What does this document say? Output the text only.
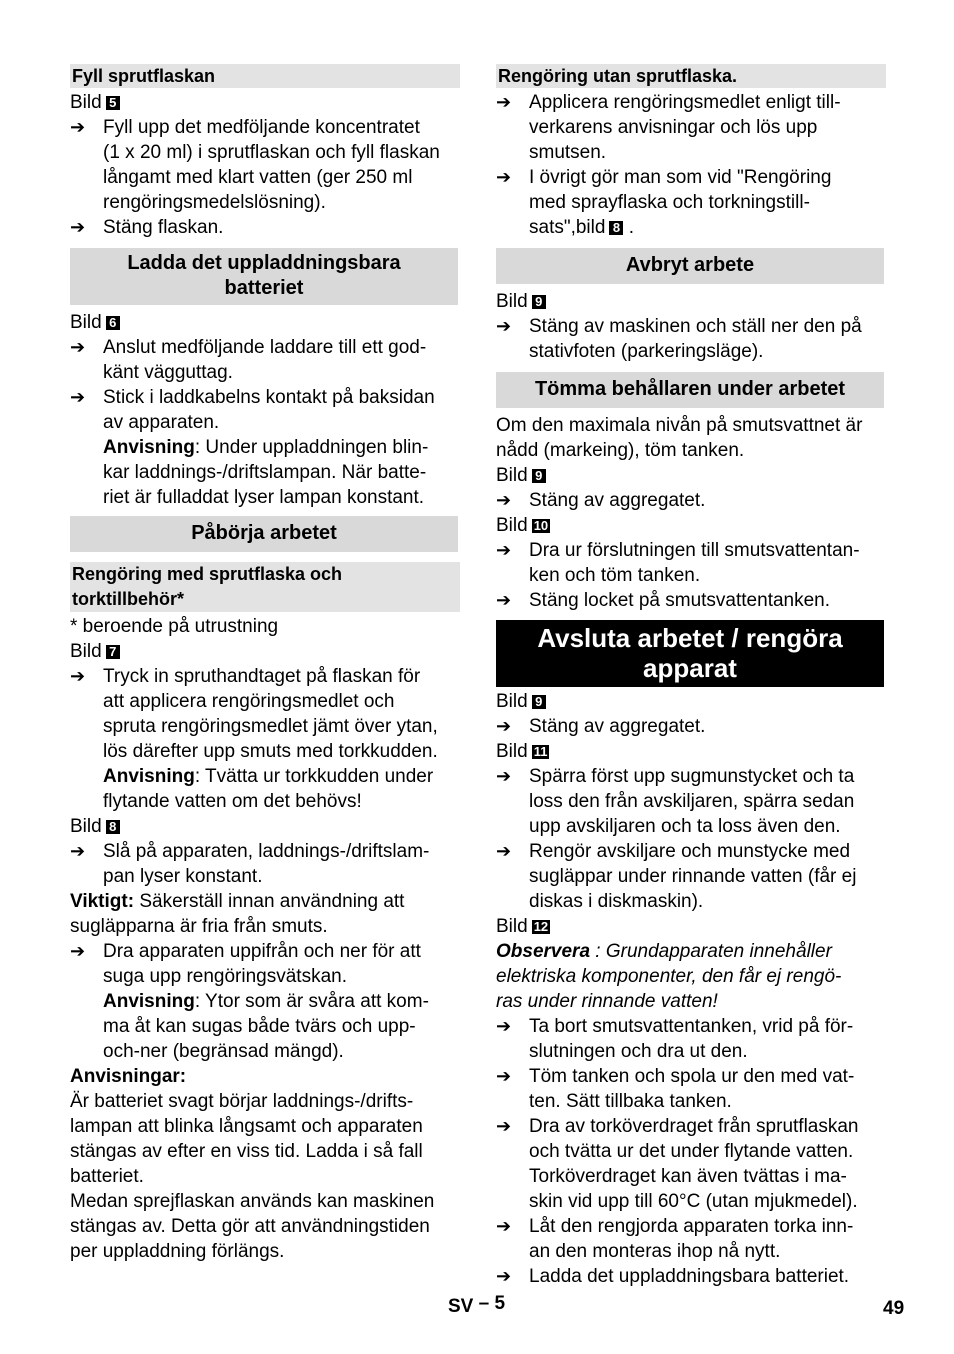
Fyll sprutflaskan
Bild 5
➔ Fyll upp det medföljande koncentratet
(1 x 20 ml) i sprutflaskan och fyll flaskan
långamt med klart vatten (ger 250 ml
rengöringsmedelslösning).
➔ Stäng flaskan.
Ladda det uppladdningsbara
batteriet
Bild 6
➔ Anslut medföljande laddare till ett god-
känt vägguttag.
➔ Stick i laddkabelns kontakt på baksidan
av apparaten.
Anvisning: Under uppladdningen blin-
kar laddnings-/driftslampan. När batte-
riet är fulladdat lyser lampan konstant.
Påbörja arbetet
Rengöring med sprutflaska och
torktillbehör*
* beroende på utrustning
Bild 7
➔ Tryck in spruthandtaget på flaskan för
att applicera rengöringsmedlet och
spruta rengöringsmedlet jämt över ytan,
lös därefter upp smuts med torkkudden.
Anvisning: Tvätta ur torkkudden under
flytande vatten om det behövs!
Bild 8
➔ Slå på apparaten, laddnings-/driftslam-
pan lyser konstant.
Viktigt: Säkerställ innan användning att
sugläpparna är fria från smuts.
➔ Dra apparaten uppifrån och ner för att
suga upp rengöringsvätskan.
Anvisning: Ytor som är svåra att kom-
ma åt kan sugas både tvärs och upp-
och-ner (begränsad mängd).
Anvisningar:
Är batteriet svagt börjar laddnings-/drifts-
lampan att blinka långsamt och apparaten
stängas av efter en viss tid. Ladda i så fall
batteriet.
Medan sprejflaskan används kan maskinen
stängas av. Detta gör att användningstiden
per uppladdning förlängs.
Rengöring utan sprutflaska.
➔ Applicera rengöringsmedlet enligt till-
verkarens anvisningar och lös upp
smutsen.
➔ I övrigt gör man som vid "Rengöring
med sprayflaska och torkningstill-
sats",bild 8 .
Avbryt arbete
Bild 9
➔ Stäng av maskinen och ställ ner den på
stativfoten (parkeringsläge).
Tömma behållaren under arbetet
Om den maximala nivån på smutsvattnet är
nådd (markeing), töm tanken.
Bild 9
➔ Stäng av aggregatet.
Bild 10
➔ Dra ur förslutningen till smutsvattentan-
ken och töm tanken.
➔ Stäng locket på smutsvattentanken.
Avsluta arbetet / rengöra
apparat
Bild 9
➔ Stäng av aggregatet.
Bild 11
➔ Spärra först upp sugmunstycket och ta
loss den från avskiljaren, spärra sedan
upp avskiljaren och ta loss även den.
➔ Rengör avskiljare och munstycke med
sugläppar under rinnande vatten (får ej
diskas i diskmaskin).
Bild 12
Observera : Grundapparaten innehåller
elektriska komponenter, den får ej rengö-
ras under rinnande vatten!
➔ Ta bort smutsvattentanken, vrid på för-
slutningen och dra ut den.
➔ Töm tanken och spola ur den med vat-
ten. Sätt tillbaka tanken.
➔ Dra av torköverdraget från sprutflaskan
och tvätta ur det under flytande vatten.
Torköverdraget kan även tvättas i ma-
skin vid upp till 60°C (utan mjukmedel).
➔ Låt den rengjorda apparaten torka inn-
an den monteras ihop nå nytt.
➔ Ladda det uppladdningsbara batteriet.
SV – 5	49
